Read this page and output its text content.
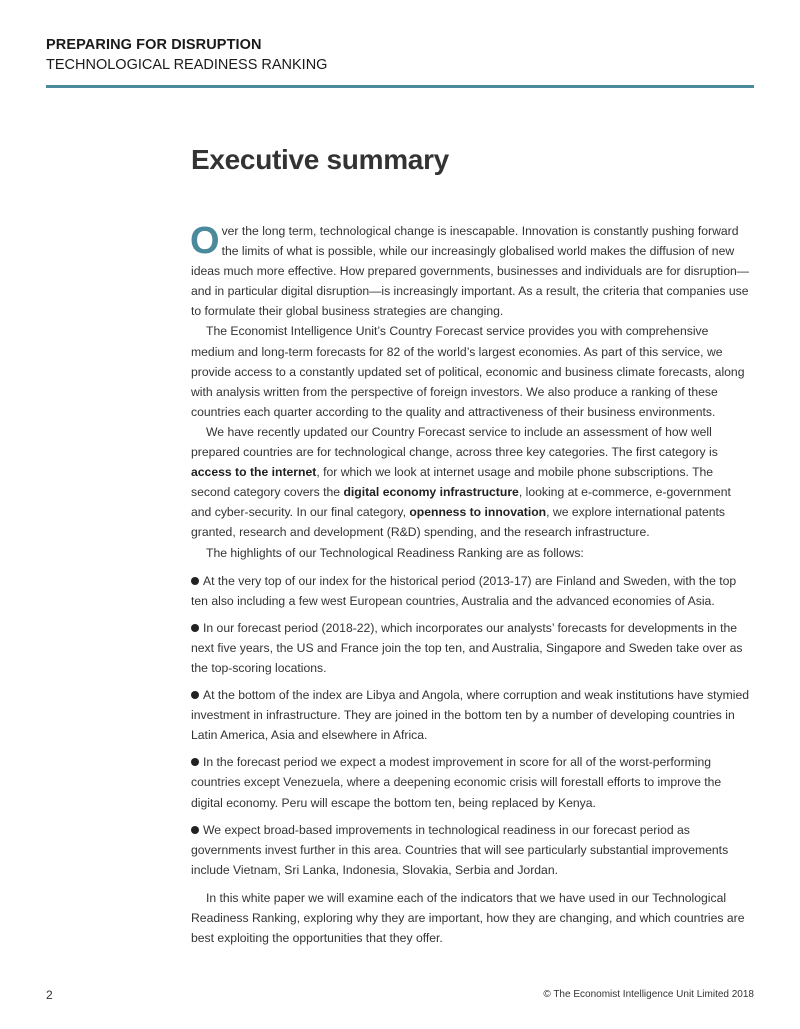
PREPARING FOR DISRUPTION
TECHNOLOGICAL READINESS RANKING
Executive summary

Over the long term, technological change is inescapable. Innovation is constantly pushing forward the limits of what is possible, while our increasingly globalised world makes the diffusion of new ideas much more effective. How prepared governments, businesses and individuals are for disruption—and in particular digital disruption—is increasingly important. As a result, the criteria that companies use to formulate their global business strategies are changing.

The Economist Intelligence Unit’s Country Forecast service provides you with comprehensive medium and long-term forecasts for 82 of the world’s largest economies. As part of this service, we provide access to a constantly updated set of political, economic and business climate forecasts, along with analysis written from the perspective of foreign investors. We also produce a ranking of these countries each quarter according to the quality and attractiveness of their business environments.

We have recently updated our Country Forecast service to include an assessment of how well prepared countries are for technological change, across three key categories. The first category is access to the internet, for which we look at internet usage and mobile phone subscriptions. The second category covers the digital economy infrastructure, looking at e-commerce, e-government and cyber-security. In our final category, openness to innovation, we explore international patents granted, research and development (R&D) spending, and the research infrastructure.

The highlights of our Technological Readiness Ranking are as follows:

At the very top of our index for the historical period (2013-17) are Finland and Sweden, with the top ten also including a few west European countries, Australia and the advanced economies of Asia.

In our forecast period (2018-22), which incorporates our analysts’ forecasts for developments in the next five years, the US and France join the top ten, and Australia, Singapore and Sweden take over as the top-scoring locations.

At the bottom of the index are Libya and Angola, where corruption and weak institutions have stymied investment in infrastructure. They are joined in the bottom ten by a number of developing countries in Latin America, Asia and elsewhere in Africa.

In the forecast period we expect a modest improvement in score for all of the worst-performing countries except Venezuela, where a deepening economic crisis will forestall efforts to improve the digital economy. Peru will escape the bottom ten, being replaced by Kenya.

We expect broad-based improvements in technological readiness in our forecast period as governments invest further in this area. Countries that will see particularly substantial improvements include Vietnam, Sri Lanka, Indonesia, Slovakia, Serbia and Jordan.

In this white paper we will examine each of the indicators that we have used in our Technological Readiness Ranking, exploring why they are important, how they are changing, and which countries are best exploiting the opportunities that they offer.

2	© The Economist Intelligence Unit Limited 2018
